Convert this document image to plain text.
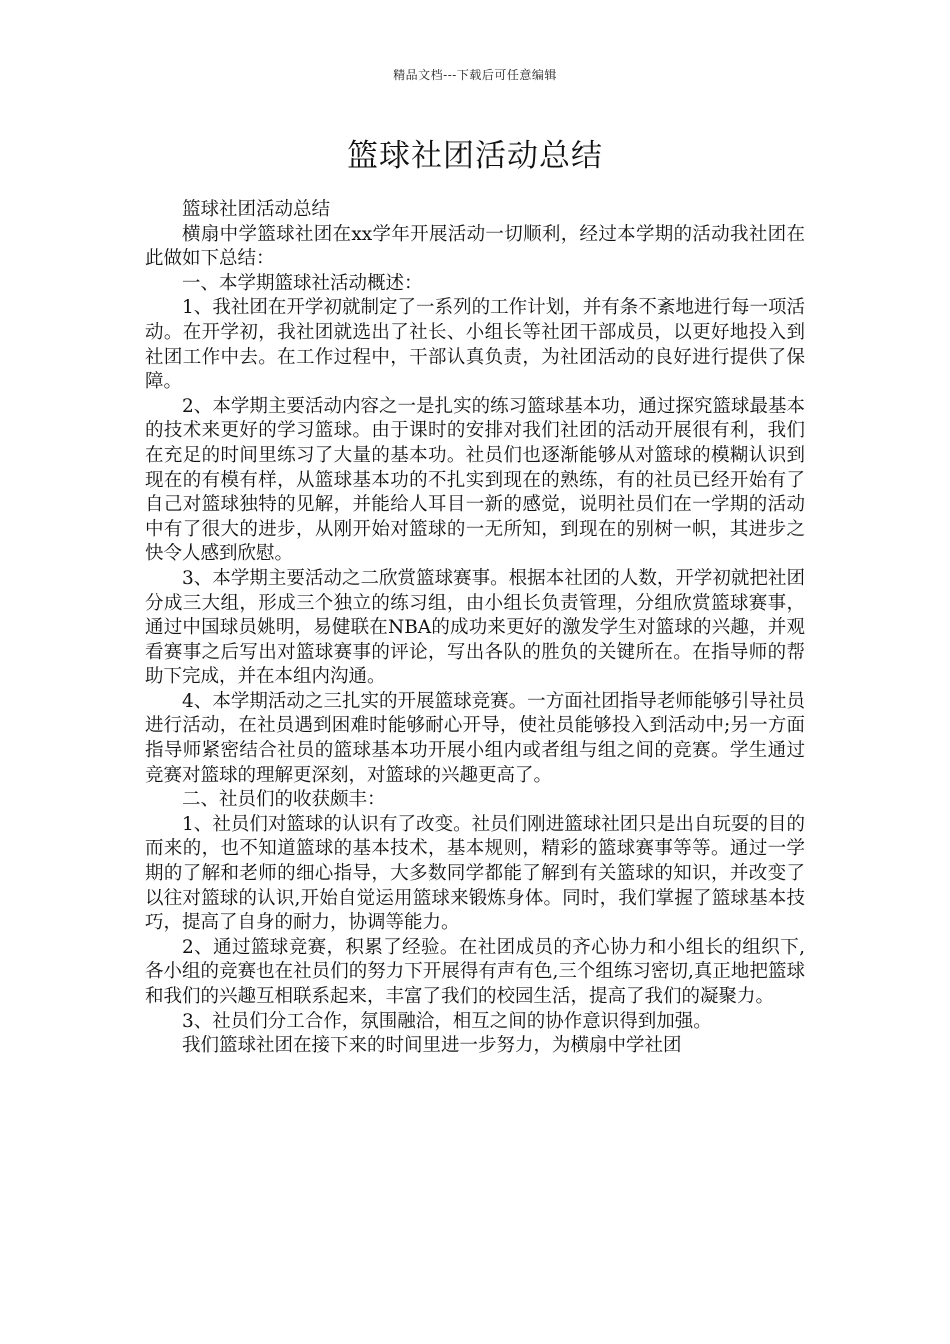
精品文档---下载后可任意编辑
篮球社团活动总结

篮球社团活动总结

横扇中学篮球社团在xx学年开展活动一切顺利，经过本学期的活动我社团在此做如下总结：

一、本学期篮球社活动概述：

1、我社团在开学初就制定了一系列的工作计划，并有条不紊地进行每一项活动。在开学初，我社团就选出了社长、小组长等社团干部成员，以更好地投入到社团工作中去。在工作过程中，干部认真负责，为社团活动的良好进行提供了保障。

2、本学期主要活动内容之一是扎实的练习篮球基本功，通过探究篮球最基本的技术来更好的学习篮球。由于课时的安排对我们社团的活动开展很有利，我们在充足的时间里练习了大量的基本功。社员们也逐渐能够从对篮球的模糊认识到现在的有模有样，从篮球基本功的不扎实到现在的熟练，有的社员已经开始有了自己对篮球独特的见解，并能给人耳目一新的感觉，说明社员们在一学期的活动中有了很大的进步，从刚开始对篮球的一无所知，到现在的别树一帜，其进步之快令人感到欣慰。

3、本学期主要活动之二欣赏篮球赛事。根据本社团的人数，开学初就把社团分成三大组，形成三个独立的练习组，由小组长负责管理，分组欣赏篮球赛事，通过中国球员姚明，易健联在NBA的成功来更好的激发学生对篮球的兴趣，并观看赛事之后写出对篮球赛事的评论，写出各队的胜负的关键所在。在指导师的帮助下完成，并在本组内沟通。

4、本学期活动之三扎实的开展篮球竞赛。一方面社团指导老师能够引导社员进行活动，在社员遇到困难时能够耐心开导，使社员能够投入到活动中;另一方面指导师紧密结合社员的篮球基本功开展小组内或者组与组之间的竞赛。学生通过竞赛对篮球的理解更深刻，对篮球的兴趣更高了。

二、社员们的收获颇丰：

1、社员们对篮球的认识有了改变。社员们刚进篮球社团只是出自玩耍的目的而来的，也不知道篮球的基本技术，基本规则，精彩的篮球赛事等等。通过一学期的了解和老师的细心指导，大多数同学都能了解到有关篮球的知识，并改变了以往对篮球的认识,开始自觉运用篮球来锻炼身体。同时，我们掌握了篮球基本技巧，提高了自身的耐力，协调等能力。

2、通过篮球竞赛，积累了经验。在社团成员的齐心协力和小组长的组织下,各小组的竞赛也在社员们的努力下开展得有声有色,三个组练习密切,真正地把篮球和我们的兴趣互相联系起来，丰富了我们的校园生活，提高了我们的凝聚力。

3、社员们分工合作，氛围融洽，相互之间的协作意识得到加强。

我们篮球社团在接下来的时间里进一步努力，为横扇中学社团
